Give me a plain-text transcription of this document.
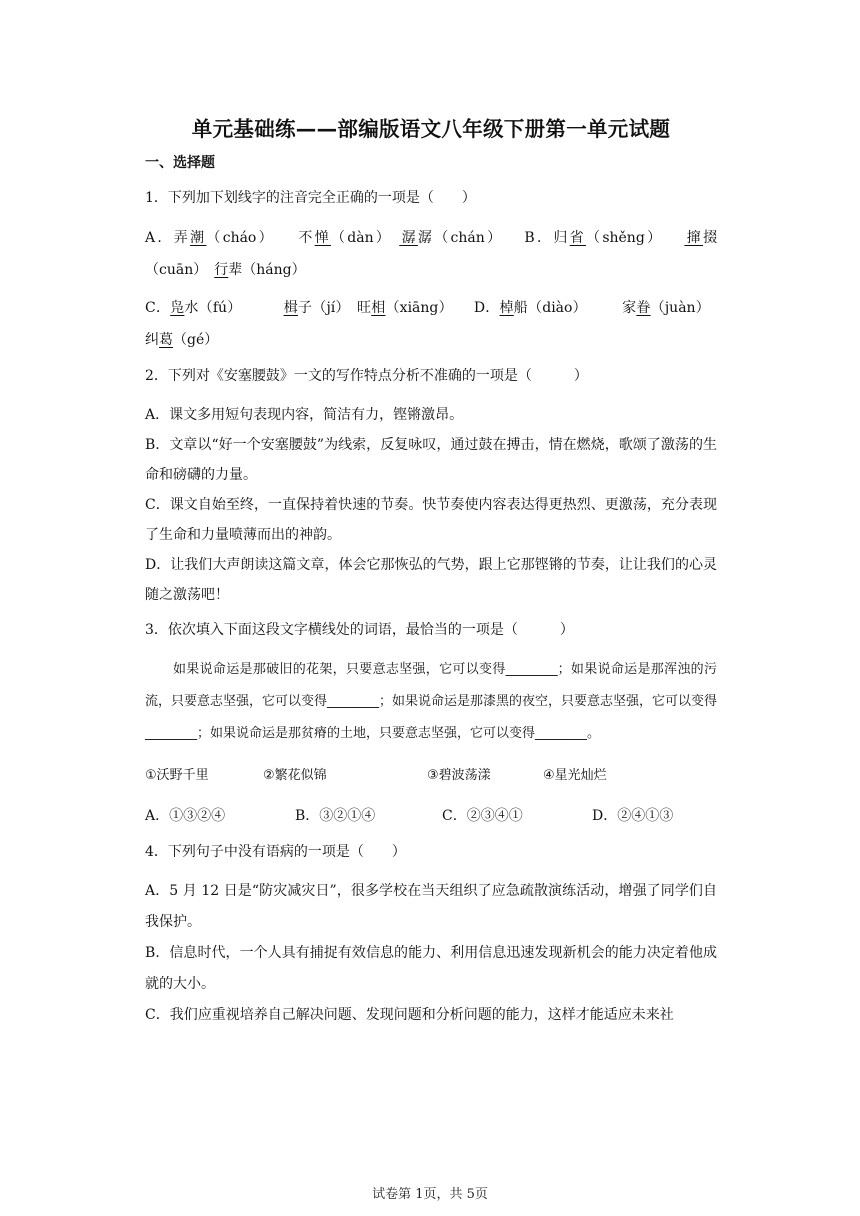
单元基础练——部编版语文八年级下册第一单元试题
一、选择题
1．下列加下划线字的注音完全正确的一项是（　　）
A．弄潮（cháo）   不惮（dàn）  潺潺（chán）   B．归省（shěng）   撺掇（cuān）  行辈（háng）
C．凫水（fú）   	楫子（jí）  旺相（xiāng）   D．棹船（diào）   	家眷（juàn） 纠葛（gé）
2．下列对《安塞腰鼓》一文的写作特点分析不准确的一项是（　　　）
A．课文多用短句表现内容，简洁有力，铿锵激昂。
B．文章以“好一个安塞腰鼓”为线索，反复咏叹，通过鼓在搏击，情在燃烧，歌颂了激荡的生命和磅礴的力量。
C．课文自始至终，一直保持着快速的节奏。快节奏使内容表达得更热烈、更激荡，充分表现了生命和力量喷薄而出的神韵。
D．让我们大声朗读这篇文章，体会它那恢弘的气势，跟上它那铿锵的节奏，让让我们的心灵随之激荡吧！
3．依次填入下面这段文字横线处的词语，最恰当的一项是（　　　）
如果说命运是那破旧的花架，只要意志坚强，它可以变得________；如果说命运是那浑浊的污流，只要意志坚强，它可以变得________；如果说命运是那漆黑的夜空，只要意志坚强，它可以变得________；如果说命运是那贫瘠的土地，只要意志坚强，它可以变得________。
①沃野千里	②繁花似锦	③碧波荡漾	④星光灿烂
A．①③②④	B．③②①④	C．②③④①	D．②④①③
4．下列句子中没有语病的一项是（　　）
A．5 月 12 日是“防灾减灾日”，很多学校在当天组织了应急疏散演练活动，增强了同学们自我保护。
B．信息时代，一个人具有捕捉有效信息的能力、利用信息迅速发现新机会的能力决定着他成就的大小。
C．我们应重视培养自己解决问题、发现问题和分析问题的能力，这样才能适应未来社
试卷第 1页，共 5页
